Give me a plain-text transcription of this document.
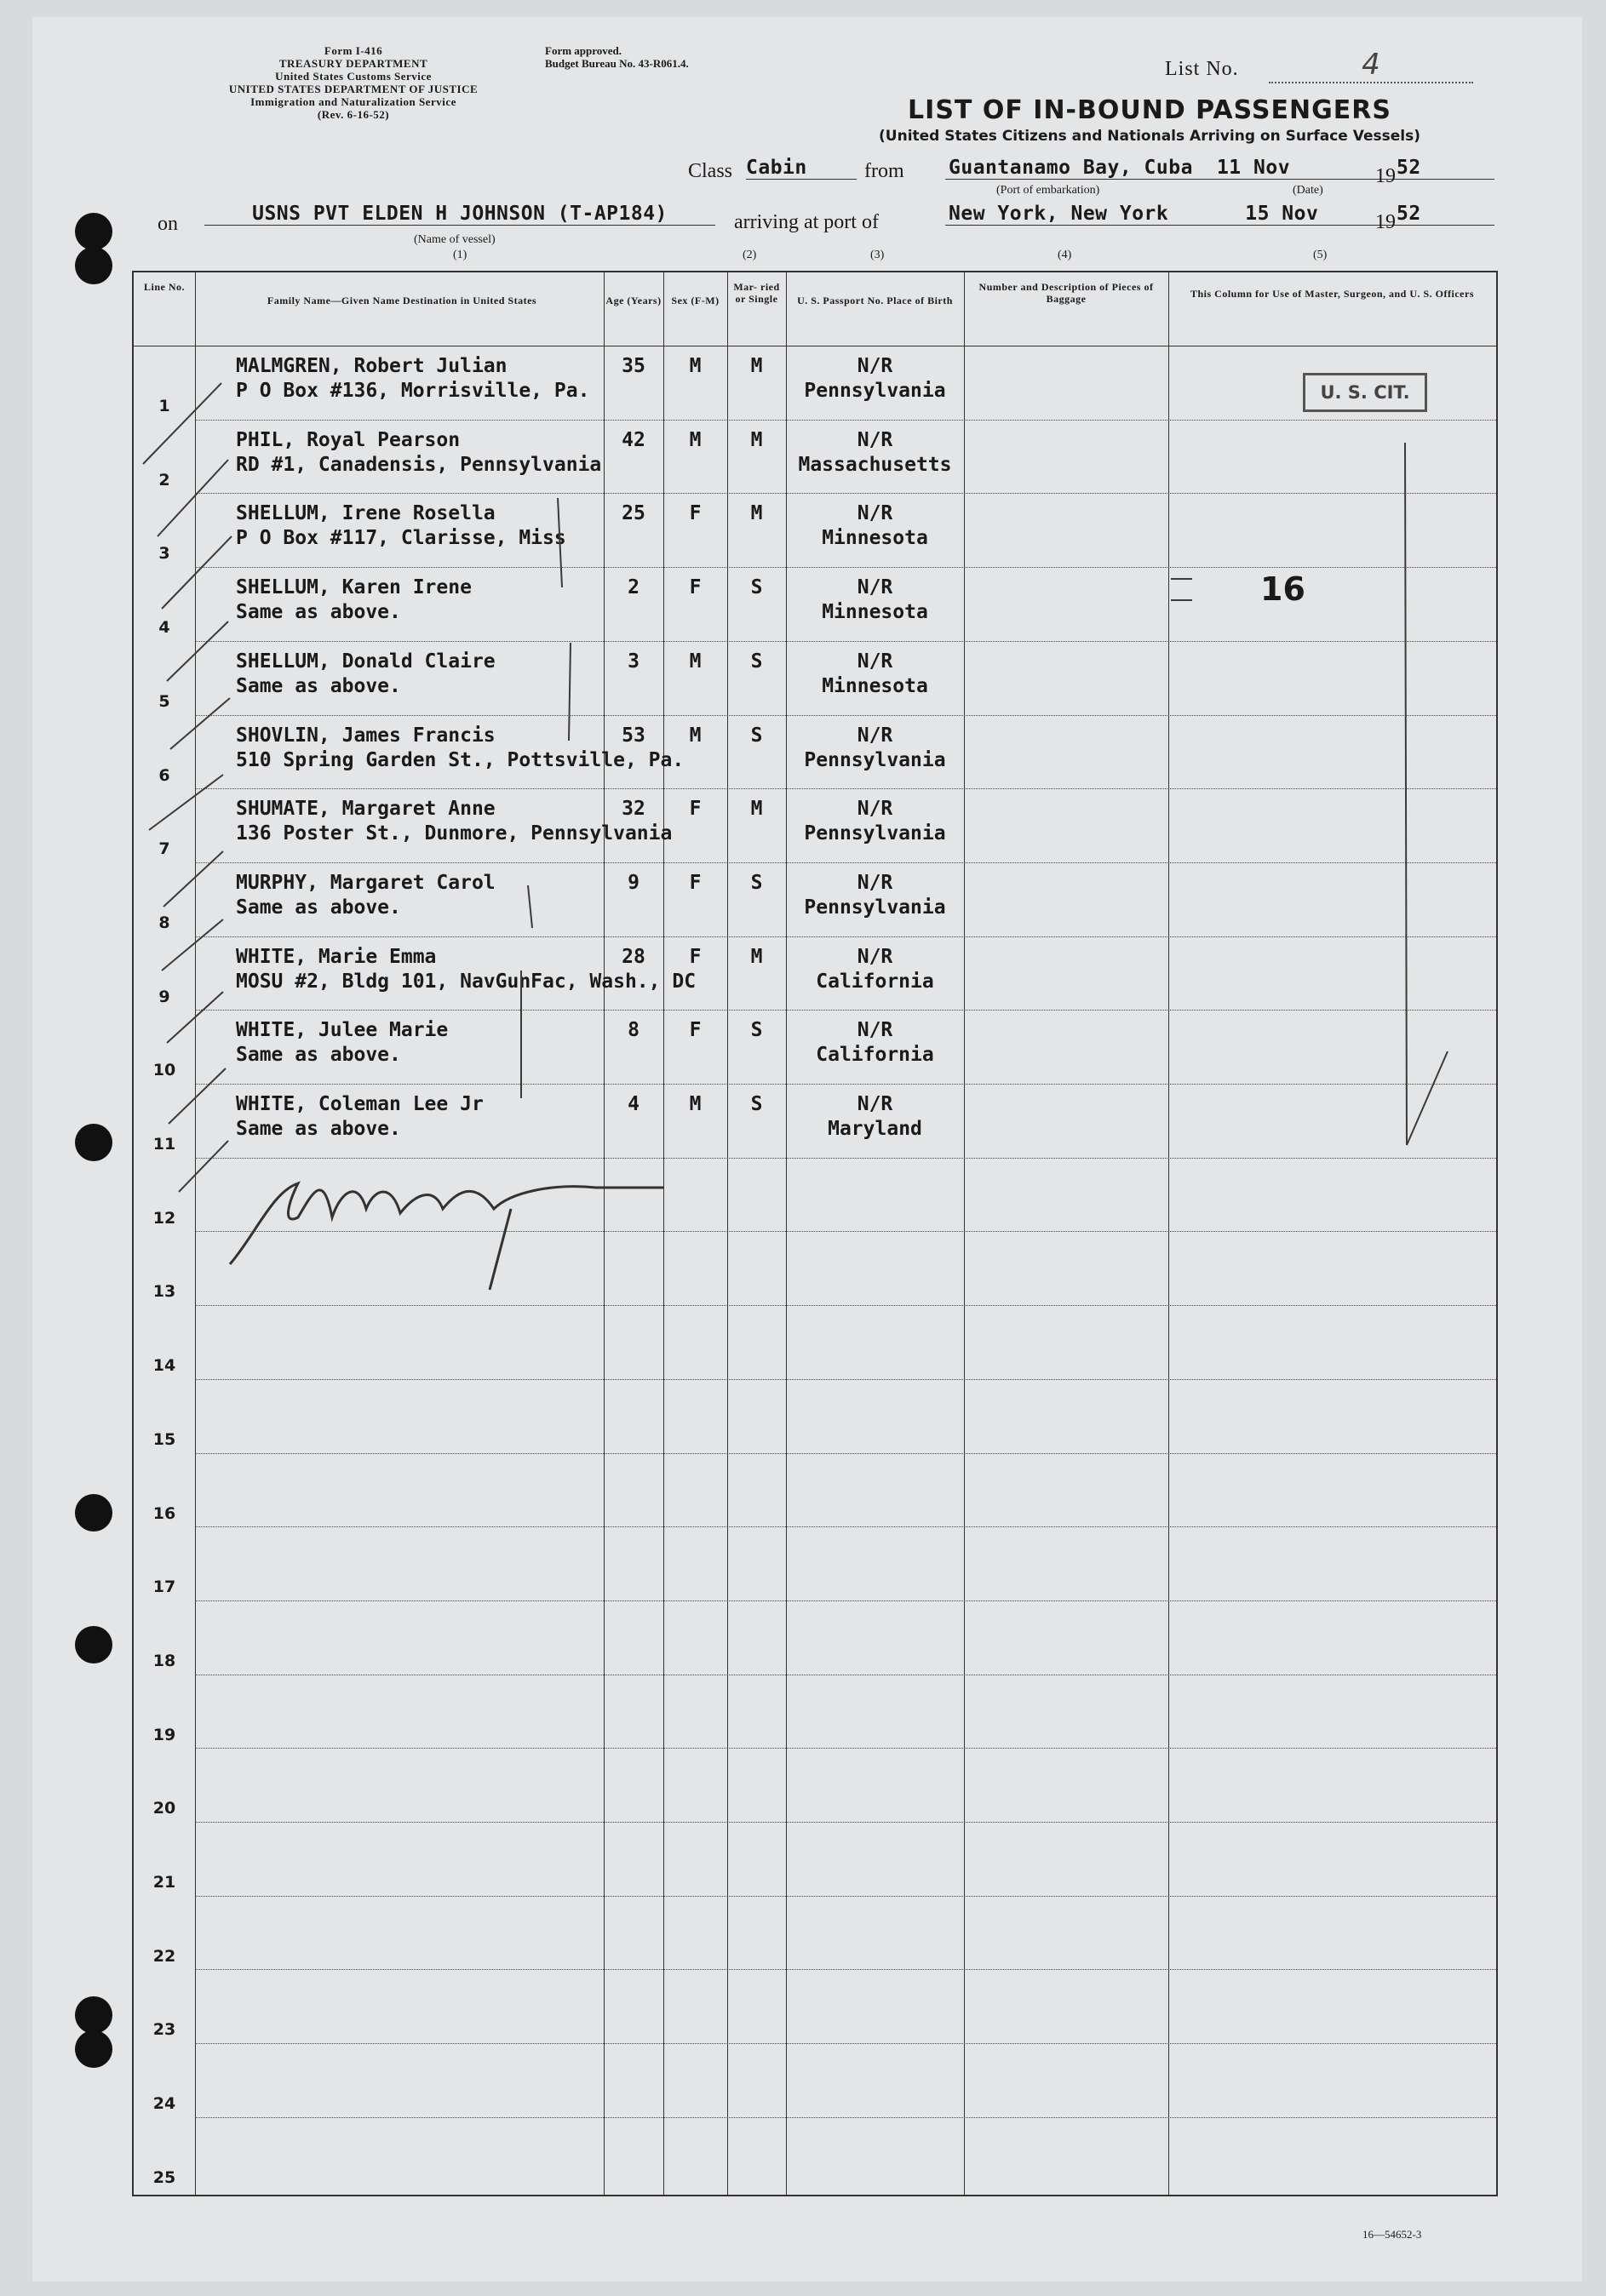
Form I-416
TREASURY DEPARTMENT
United States Customs Service
UNITED STATES DEPARTMENT OF JUSTICE
Immigration and Naturalization Service
(Rev. 6-16-52)
Form approved.
Budget Bureau No. 43-R061.4.	List No.	4
LIST OF IN-BOUND PASSENGERS
(United States Citizens and Nationals Arriving on Surface Vessels)
Class Cabin	from Guantanamo Bay, Cuba 11 Nov	19 52
(Port of embarkation)	(Date)
on	USNS PVT ELDEN H JOHNSON (T-AP184)	arriving at port of	New York, New York	15 Nov	19 52
(Name of vessel)
(1)	(2)	(3)	(4)	(5)
Line No.
Family Name—Given Name Destination in United States	Age (Years) Sex (F-M)
Mar- ried or Single	U. S. Passport No. Place of Birth
Number and Description of Pieces of Baggage	This Column for Use of Master, Surgeon, and U. S. Officers
1
MALMGREN, Robert Julian
P O Box #136, Morrisville, Pa.
35	M	M	N/R
Pennsylvania
2
PHIL, Royal Pearson
RD #1, Canadensis, Pennsylvania
42	M	M	N/R
Massachusetts
3
SHELLUM, Irene Rosella
P O Box #117, Clarisse, Miss
25	F	M	N/R
Minnesota
4
SHELLUM, Karen Irene
Same as above.
2	F	S	N/R
Minnesota
5
SHELLUM, Donald Claire
Same as above.
3	M	S	N/R
Minnesota
6
SHOVLIN, James Francis
510 Spring Garden St., Pottsville, Pa.
53	M	S	N/R
Pennsylvania
7
SHUMATE, Margaret Anne
136 Poster St., Dunmore, Pennsylvania
32	F	M	N/R
Pennsylvania
8
MURPHY, Margaret Carol
Same as above.
9	F	S	N/R
Pennsylvania
9
WHITE, Marie Emma
MOSU #2, Bldg 101, NavGunFac, Wash., DC
28	F	M	N/R
California
10
WHITE, Julee Marie
Same as above.
8	F	S	N/R
California
11
WHITE, Coleman Lee Jr
Same as above.
4	M	S	N/R
Maryland
12
13
14
15
16
17
18
19
20
21
22
23
24
25
U. S. CIT.
16
16—54652-3
